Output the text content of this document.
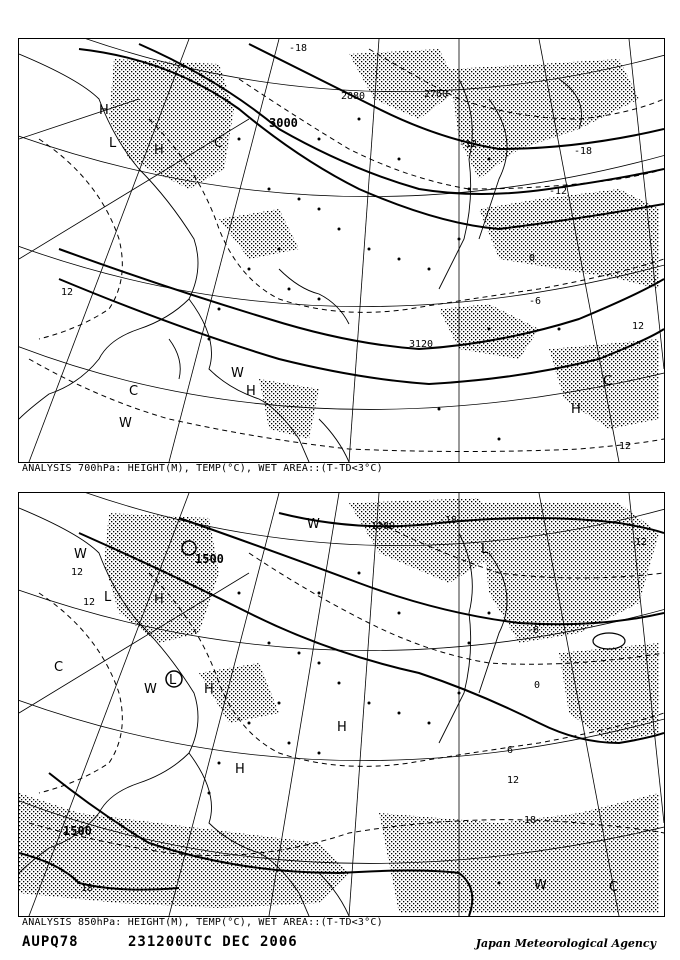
3000
2880	2760
3120
-18
-12
-6
0
12
12
-12
-18
12
H
L	H	C
W
H
C
H
W
C
ANALYSIS 700hPa: HEIGHT(M), TEMP(°C), WET AREA::(T-TD<3°C)
1500
1380
1500
12
12
-6
0
6
12
18
18
-18
-12
W
L	H
C
L
W	H
H
H
W	C
L
W
ANALYSIS 850hPa: HEIGHT(M), TEMP(°C), WET AREA::(T-TD<3°C)
AUPQ78	231200UTC DEC 2006	Japan Meteorological Agency
